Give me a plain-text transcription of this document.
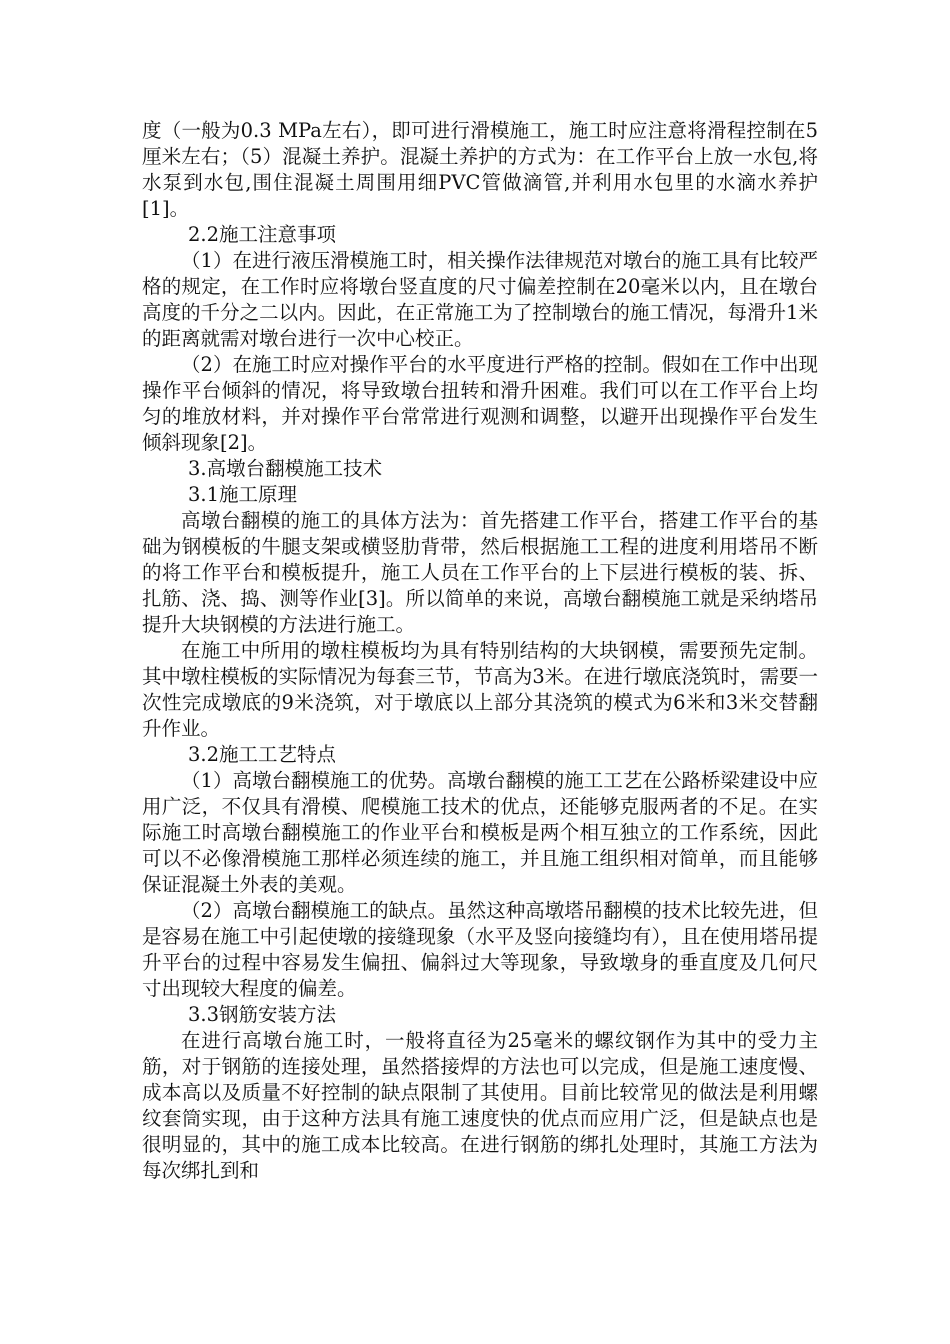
度（一般为0.3 MPa左右），即可进行滑模施工，施工时应注意将滑程控制在5厘米左右；（5）混凝土养护。混凝土养护的方式为：在工作平台上放一水包,将水泵到水包,围住混凝土周围用细PVC管做滴管,并利用水包里的水滴水养护[1]。

2.2施工注意事项

（1）在进行液压滑模施工时，相关操作法律规范对墩台的施工具有比较严格的规定，在工作时应将墩台竖直度的尺寸偏差控制在20毫米以内，且在墩台高度的千分之二以内。因此，在正常施工为了控制墩台的施工情况，每滑升1米的距离就需对墩台进行一次中心校正。

（2）在施工时应对操作平台的水平度进行严格的控制。假如在工作中出现操作平台倾斜的情况，将导致墩台扭转和滑升困难。我们可以在工作平台上均匀的堆放材料，并对操作平台常常进行观测和调整，以避开出现操作平台发生倾斜现象[2]。

3.高墩台翻模施工技术

3.1施工原理

高墩台翻模的施工的具体方法为：首先搭建工作平台，搭建工作平台的基础为钢模板的牛腿支架或横竖肋背带，然后根据施工工程的进度利用塔吊不断的将工作平台和模板提升，施工人员在工作平台的上下层进行模板的装、拆、扎筋、浇、捣、测等作业[3]。所以简单的来说，高墩台翻模施工就是采纳塔吊提升大块钢模的方法进行施工。

在施工中所用的墩柱模板均为具有特别结构的大块钢模，需要预先定制。其中墩柱模板的实际情况为每套三节，节高为3米。在进行墩底浇筑时，需要一次性完成墩底的9米浇筑，对于墩底以上部分其浇筑的模式为6米和3米交替翻升作业。

3.2施工工艺特点

（1）高墩台翻模施工的优势。高墩台翻模的施工工艺在公路桥梁建设中应用广泛，不仅具有滑模、爬模施工技术的优点，还能够克服两者的不足。在实际施工时高墩台翻模施工的作业平台和模板是两个相互独立的工作系统，因此可以不必像滑模施工那样必须连续的施工，并且施工组织相对简单，而且能够保证混凝土外表的美观。

（2）高墩台翻模施工的缺点。虽然这种高墩塔吊翻模的技术比较先进，但是容易在施工中引起使墩的接缝现象（水平及竖向接缝均有），且在使用塔吊提升平台的过程中容易发生偏扭、偏斜过大等现象，导致墩身的垂直度及几何尺寸出现较大程度的偏差。

3.3钢筋安装方法

在进行高墩台施工时，一般将直径为25毫米的螺纹钢作为其中的受力主筋，对于钢筋的连接处理，虽然搭接焊的方法也可以完成，但是施工速度慢、成本高以及质量不好控制的缺点限制了其使用。目前比较常见的做法是利用螺纹套筒实现，由于这种方法具有施工速度快的优点而应用广泛，但是缺点也是很明显的，其中的施工成本比较高。在进行钢筋的绑扎处理时，其施工方法为每次绑扎到和
